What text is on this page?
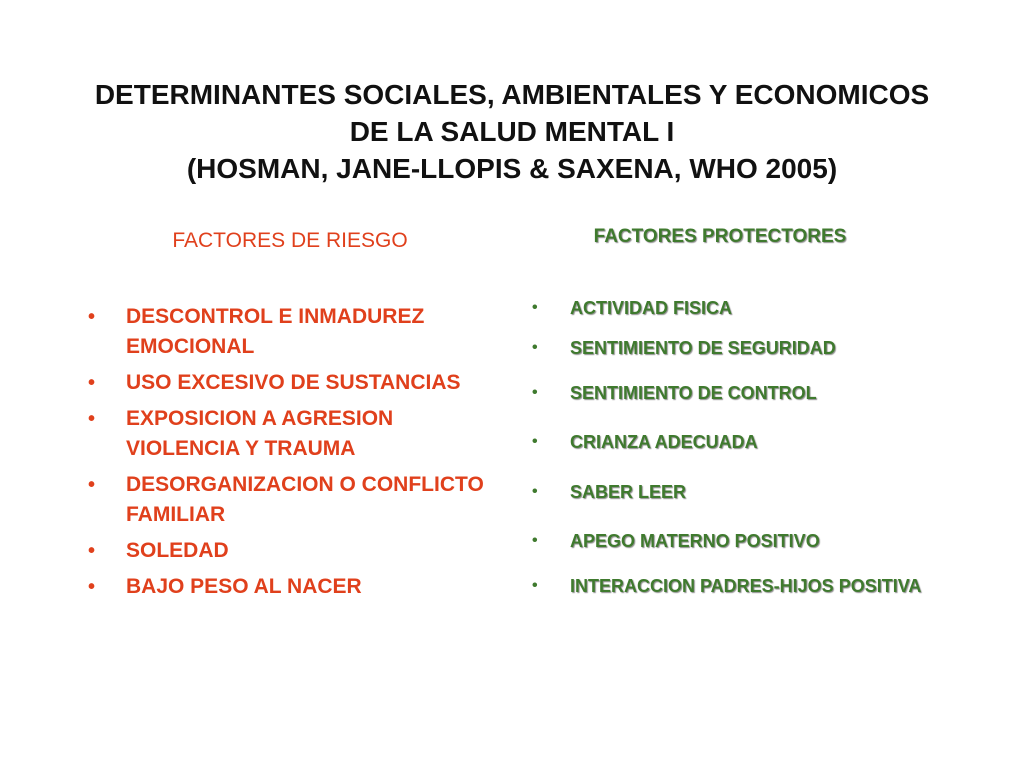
DETERMINANTES SOCIALES, AMBIENTALES Y ECONOMICOS
DE LA SALUD MENTAL I
(HOSMAN, JANE-LLOPIS & SAXENA, WHO 2005)
FACTORES DE RIESGO	FACTORES PROTECTORES
• DESCONTROL E INMADUREZ EMOCIONAL
• USO EXCESIVO DE SUSTANCIAS
• EXPOSICION A AGRESION VIOLENCIA Y TRAUMA
• DESORGANIZACION O CONFLICTO FAMILIAR
• SOLEDAD
• BAJO PESO AL NACER
• ACTIVIDAD FISICA
• SENTIMIENTO DE SEGURIDAD
• SENTIMIENTO DE CONTROL
• CRIANZA ADECUADA
• SABER LEER
• APEGO MATERNO POSITIVO
• INTERACCION PADRES-HIJOS POSITIVA
